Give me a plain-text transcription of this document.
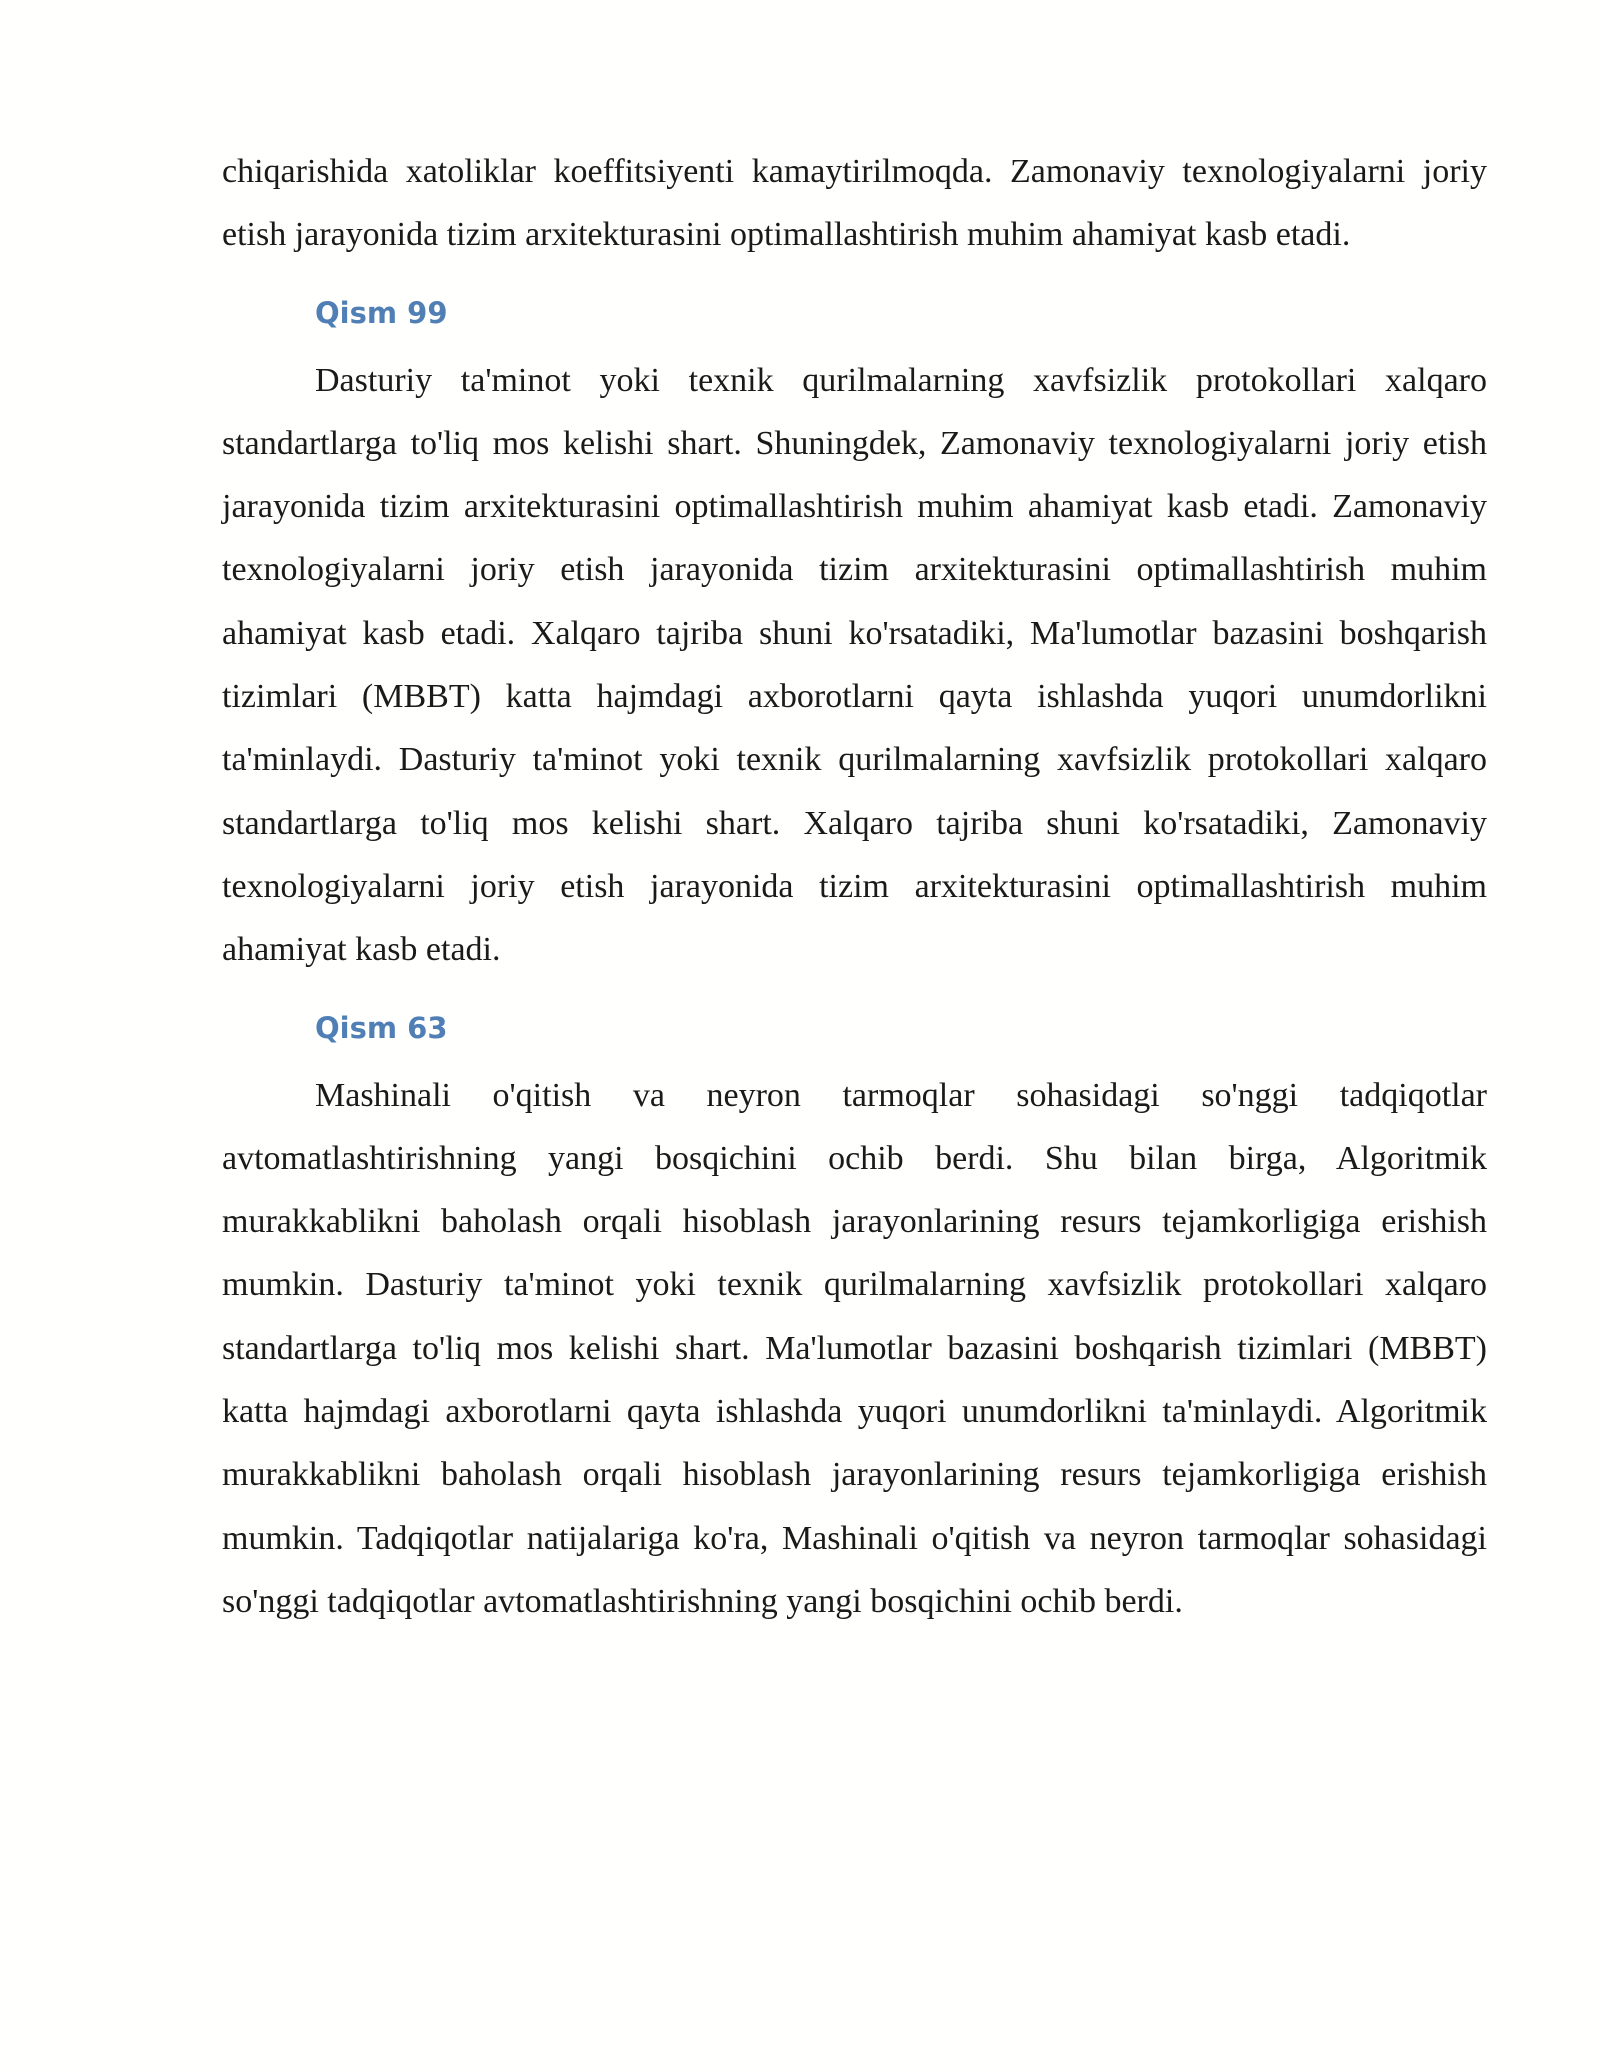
chiqarishida xatoliklar koeffitsiyenti kamaytirilmoqda. Zamonaviy texnologiyalarni joriy etish jarayonida tizim arxitekturasini optimallashtirish muhim ahamiyat kasb etadi.

Qism 99

Dasturiy ta'minot yoki texnik qurilmalarning xavfsizlik protokollari xalqaro standartlarga to'liq mos kelishi shart. Shuningdek, Zamonaviy texnologiyalarni joriy etish jarayonida tizim arxitekturasini optimallashtirish muhim ahamiyat kasb etadi. Zamonaviy texnologiyalarni joriy etish jarayonida tizim arxitekturasini optimallashtirish muhim ahamiyat kasb etadi. Xalqaro tajriba shuni ko'rsatadiki, Ma'lumotlar bazasini boshqarish tizimlari (MBBT) katta hajmdagi axborotlarni qayta ishlashda yuqori unumdorlikni ta'minlaydi. Dasturiy ta'minot yoki texnik qurilmalarning xavfsizlik protokollari xalqaro standartlarga to'liq mos kelishi shart. Xalqaro tajriba shuni ko'rsatadiki, Zamonaviy texnologiyalarni joriy etish jarayonida tizim arxitekturasini optimallashtirish muhim ahamiyat kasb etadi.

Qism 63

Mashinali o'qitish va neyron tarmoqlar sohasidagi so'nggi tadqiqotlar avtomatlashtirishning yangi bosqichini ochib berdi. Shu bilan birga, Algoritmik murakkablikni baholash orqali hisoblash jarayonlarining resurs tejamkorligiga erishish mumkin. Dasturiy ta'minot yoki texnik qurilmalarning xavfsizlik protokollari xalqaro standartlarga to'liq mos kelishi shart. Ma'lumotlar bazasini boshqarish tizimlari (MBBT) katta hajmdagi axborotlarni qayta ishlashda yuqori unumdorlikni ta'minlaydi. Algoritmik murakkablikni baholash orqali hisoblash jarayonlarining resurs tejamkorligiga erishish mumkin. Tadqiqotlar natijalariga ko'ra, Mashinali o'qitish va neyron tarmoqlar sohasidagi so'nggi tadqiqotlar avtomatlashtirishning yangi bosqichini ochib berdi.
